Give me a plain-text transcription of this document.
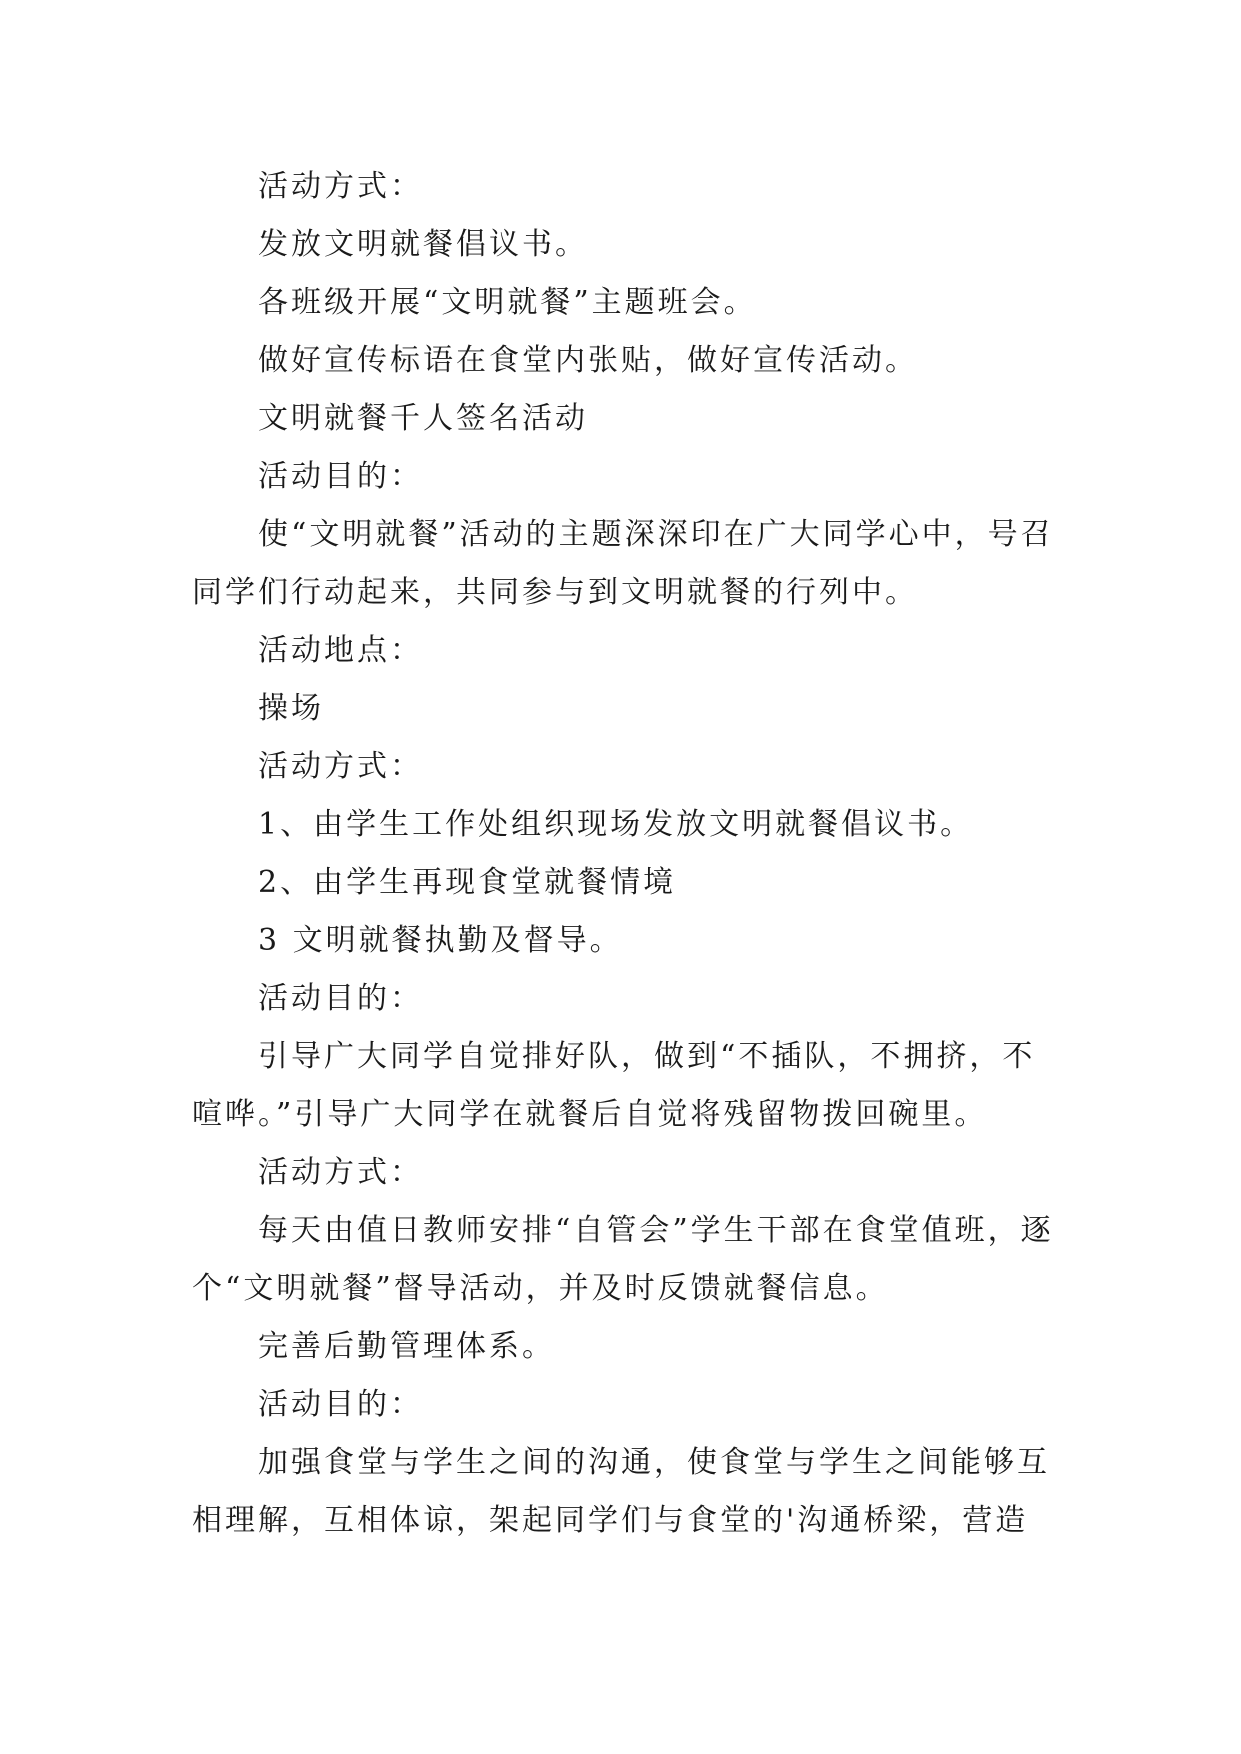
活动方式：

发放文明就餐倡议书。

各班级开展“文明就餐”主题班会。

做好宣传标语在食堂内张贴，做好宣传活动。

文明就餐千人签名活动

活动目的：

使“文明就餐”活动的主题深深印在广大同学心中，号召同学们行动起来，共同参与到文明就餐的行列中。

活动地点：

操场

活动方式：

1、由学生工作处组织现场发放文明就餐倡议书。

2、由学生再现食堂就餐情境

3 文明就餐执勤及督导。

活动目的：

引导广大同学自觉排好队，做到“不插队，不拥挤，不喧哗。”引导广大同学在就餐后自觉将残留物拨回碗里。

活动方式：

每天由值日教师安排“自管会”学生干部在食堂值班，逐个“文明就餐”督导活动，并及时反馈就餐信息。

完善后勤管理体系。

活动目的：

加强食堂与学生之间的沟通，使食堂与学生之间能够互相理解，互相体谅，架起同学们与食堂的'沟通桥梁，营造
